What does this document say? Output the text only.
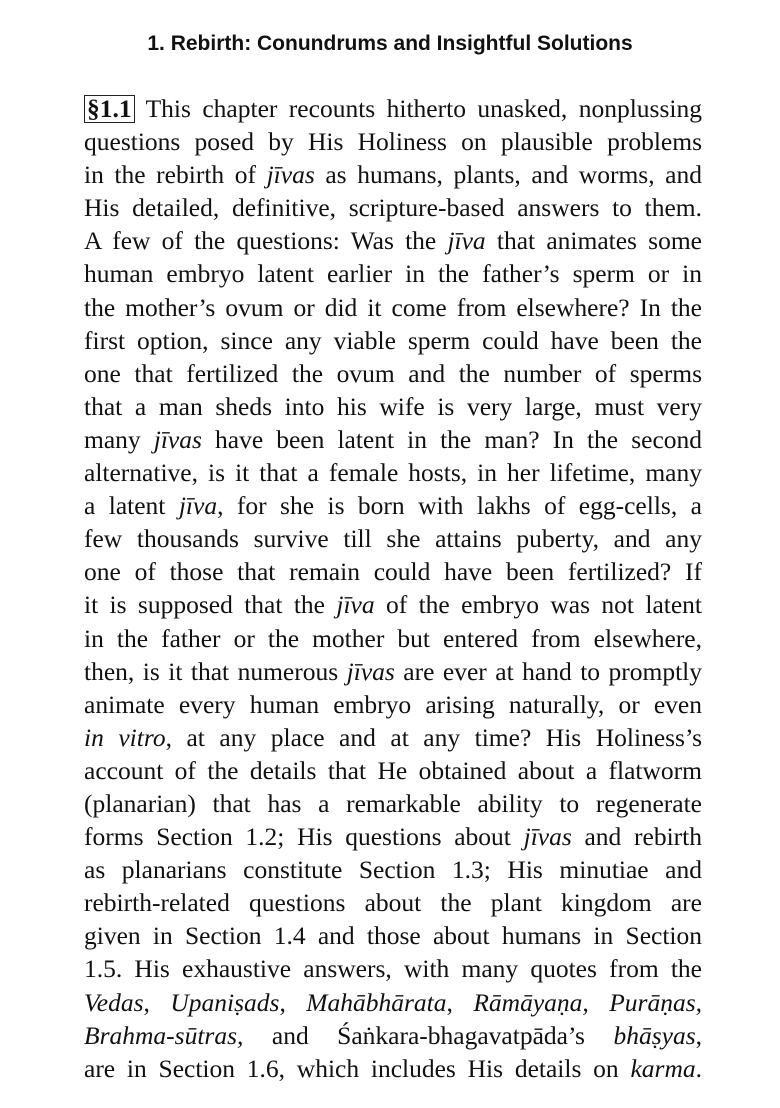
1. Rebirth: Conundrums and Insightful Solutions
§1.1 This chapter recounts hitherto unasked, nonplussing
questions posed by His Holiness on plausible problems
in the rebirth of jīvas as humans, plants, and worms, and
His detailed, definitive, scripture-based answers to them.
A few of the questions: Was the jīva that animates some
human embryo latent earlier in the father’s sperm or in
the mother’s ovum or did it come from elsewhere? In the
first option, since any viable sperm could have been the
one that fertilized the ovum and the number of sperms
that a man sheds into his wife is very large, must very
many jīvas have been latent in the man? In the second
alternative, is it that a female hosts, in her lifetime, many
a latent jīva, for she is born with lakhs of egg-cells, a
few thousands survive till she attains puberty, and any
one of those that remain could have been fertilized? If
it is supposed that the jīva of the embryo was not latent
in the father or the mother but entered from elsewhere,
then, is it that numerous jīvas are ever at hand to promptly
animate every human embryo arising naturally, or even
in vitro, at any place and at any time? His Holiness’s
account of the details that He obtained about a flatworm
(planarian) that has a remarkable ability to regenerate
forms Section 1.2; His questions about jīvas and rebirth
as planarians constitute Section 1.3; His minutiae and
rebirth-related questions about the plant kingdom are
given in Section 1.4 and those about humans in Section
1.5. His exhaustive answers, with many quotes from the
Vedas, Upaniṣads, Mahābhārata, Rāmāyaṇa, Purāṇas,
Brahma-sūtras, and Śaṅkara-bhagavatpāda’s bhāṣyas,
are in Section 1.6, which includes His details on karma.
